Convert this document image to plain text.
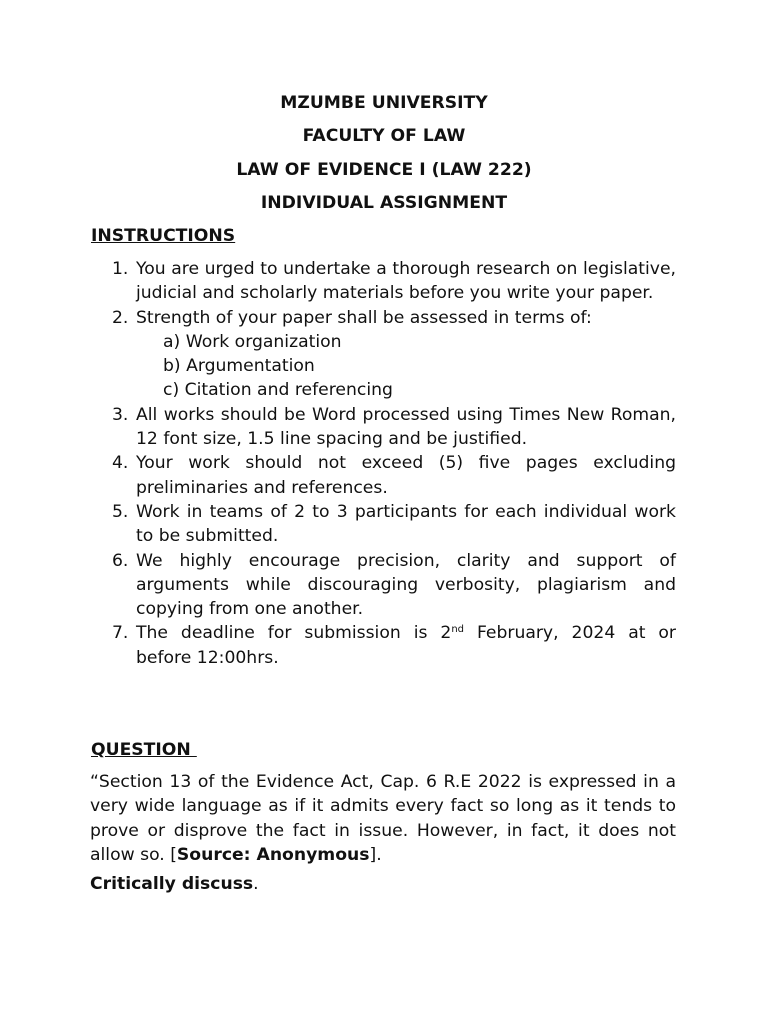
MZUMBE UNIVERSITY
FACULTY OF LAW
LAW OF EVIDENCE I (LAW 222)
INDIVIDUAL ASSIGNMENT

INSTRUCTIONS

1. You are urged to undertake a thorough research on legislative, judicial and scholarly materials before you write your paper.
2. Strength of your paper shall be assessed in terms of:
a) Work organization
b) Argumentation
c) Citation and referencing
3. All works should be Word processed using Times New Roman, 12 font size, 1.5 line spacing and be justified.
4. Your work should not exceed (5) five pages excluding preliminaries and references.
5. Work in teams of 2 to 3 participants for each individual work to be submitted.
6. We highly encourage precision, clarity and support of arguments while discouraging verbosity, plagiarism and copying from one another.
7. The deadline for submission is 2nd February, 2024 at or
before 12:00hrs.

QUESTION

“Section 13 of the Evidence Act, Cap. 6 R.E 2022 is expressed in a very wide language as if it admits every fact so long as it tends to prove or disprove the fact in issue. However, in fact, it does not allow so. [Source: Anonymous].

Critically discuss.
